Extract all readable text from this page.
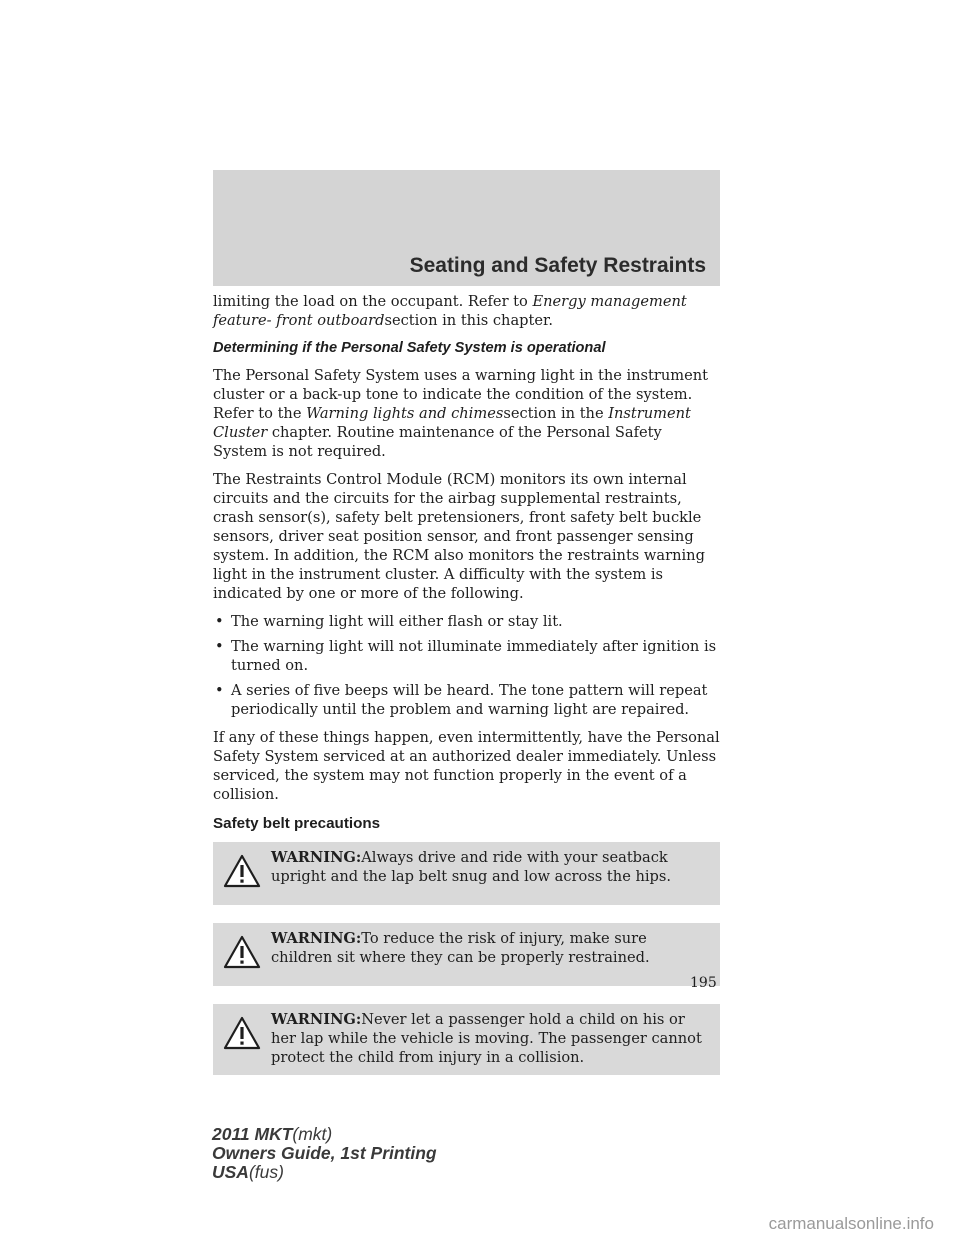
Seating and Safety Restraints

limiting the load on the occupant. Refer to Energy management feature- front outboardsection in this chapter.

Determining if the Personal Safety System is operational

The Personal Safety System uses a warning light in the instrument cluster or a back-up tone to indicate the condition of the system. Refer to the Warning lights and chimessection in the Instrument Cluster chapter. Routine maintenance of the Personal Safety System is not required.

The Restraints Control Module (RCM) monitors its own internal circuits and the circuits for the airbag supplemental restraints, crash sensor(s), safety belt pretensioners, front safety belt buckle sensors, driver seat position sensor, and front passenger sensing system. In addition, the RCM also monitors the restraints warning light in the instrument cluster. A difficulty with the system is indicated by one or more of the following.

• The warning light will either flash or stay lit.
• The warning light will not illuminate immediately after ignition is turned on.
• A series of five beeps will be heard. The tone pattern will repeat periodically until the problem and warning light are repaired.

If any of these things happen, even intermittently, have the Personal Safety System serviced at an authorized dealer immediately. Unless serviced, the system may not function properly in the event of a collision.

Safety belt precautions
WARNING:Always drive and ride with your seatback upright and the lap belt snug and low across the hips.
WARNING:To reduce the risk of injury, make sure children sit where they can be properly restrained.
WARNING:Never let a passenger hold a child on his or her lap while the vehicle is moving. The passenger cannot protect the child from injury in a collision.
195
2011 MKT(mkt)
Owners Guide, 1st Printing
USA(fus)
carmanualsonline.info
